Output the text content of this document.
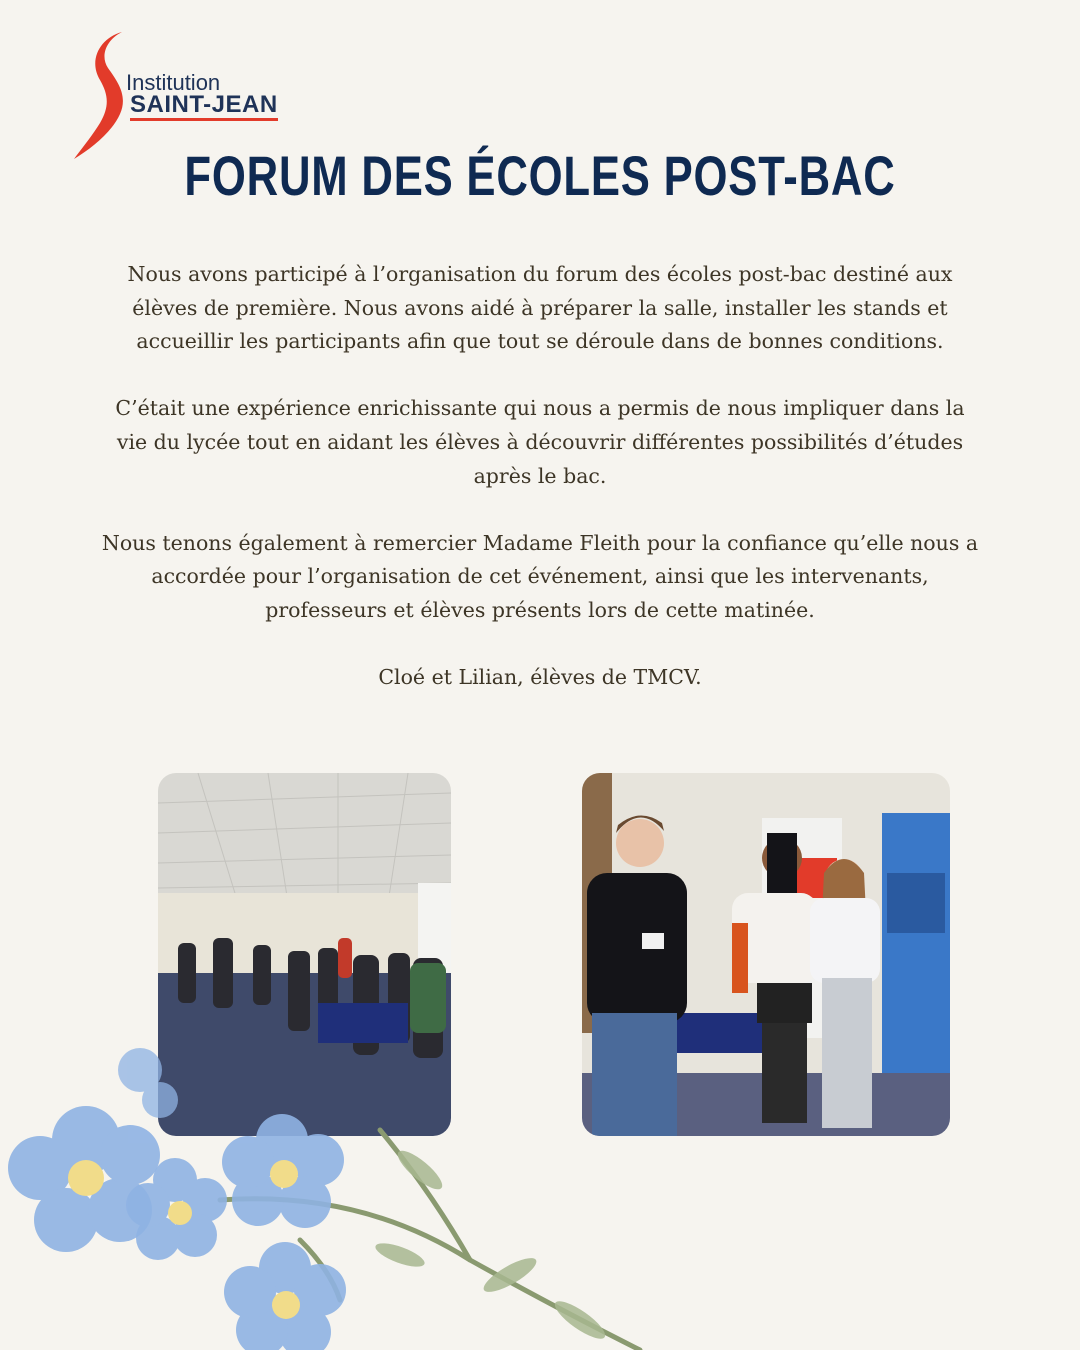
Institution
SAINT-JEAN
FORUM DES ÉCOLES POST-BAC

Nous avons participé à l’organisation du forum des écoles post-bac destiné aux élèves de première. Nous avons aidé à préparer la salle, installer les stands et accueillir les participants afin que tout se déroule dans de bonnes conditions.

C’était une expérience enrichissante qui nous a permis de nous impliquer dans la vie du lycée tout en aidant les élèves à découvrir différentes possibilités d’études après le bac.

Nous tenons également à remercier Madame Fleith pour la confiance qu’elle nous a accordée pour l’organisation de cet événement, ainsi que les intervenants, professeurs et élèves présents lors de cette matinée.

Cloé et Lilian, élèves de TMCV.
